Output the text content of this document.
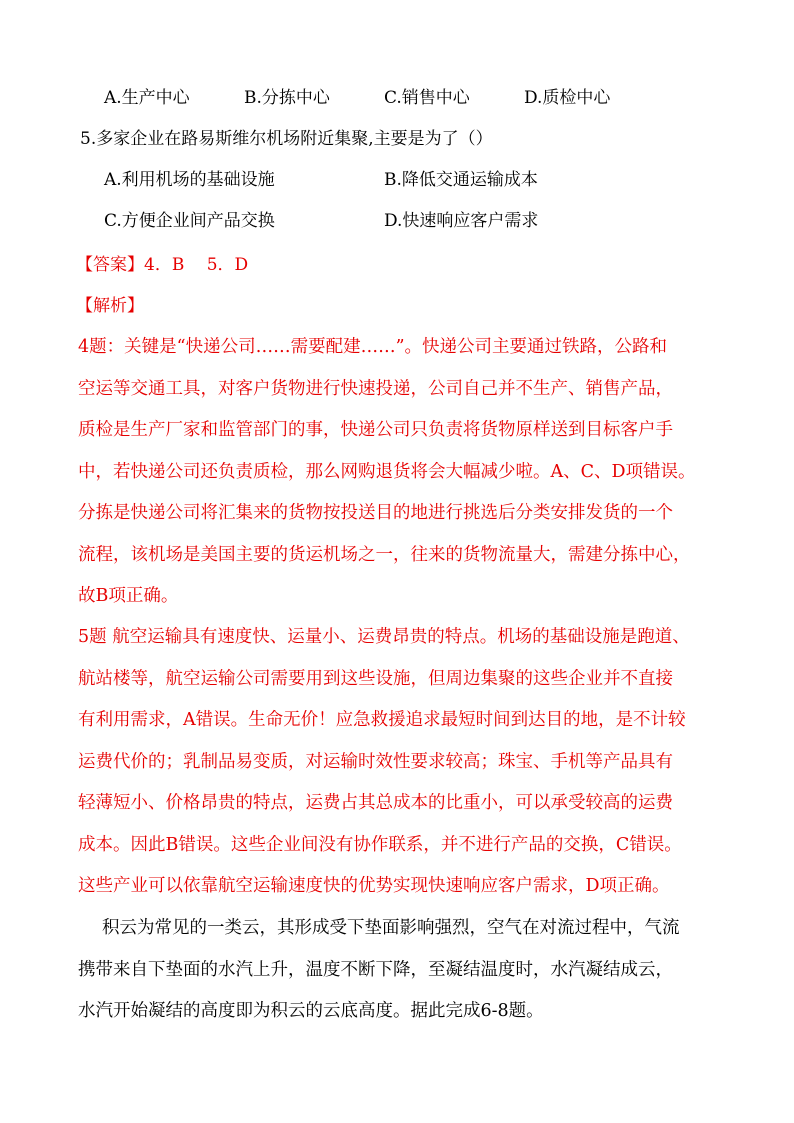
A.生产中心	B.分拣中心	C.销售中心	D.质检中心
5.多家企业在路易斯维尔机场附近集聚,主要是为了（）
A.利用机场的基础设施	B.降低交通运输成本
C.方便企业间产品交换	D.快速响应客户需求
【答案】4．B　 5．D
【解析】

4题：关键是“快递公司……需要配建……”。快递公司主要通过铁路，公路和

空运等交通工具，对客户货物进行快速投递，公司自己并不生产、销售产品，

质检是生产厂家和监管部门的事，快递公司只负责将货物原样送到目标客户手

中，若快递公司还负责质检，那么网购退货将会大幅减少啦。A、C、D项错误。

分拣是快递公司将汇集来的货物按投送目的地进行挑选后分类安排发货的一个

流程，该机场是美国主要的货运机场之一，往来的货物流量大，需建分拣中心，

故B项正确。

5题 航空运输具有速度快、运量小、运费昂贵的特点。机场的基础设施是跑道、

航站楼等，航空运输公司需要用到这些设施，但周边集聚的这些企业并不直接

有利用需求，A错误。生命无价！应急救援追求最短时间到达目的地，是不计较

运费代价的；乳制品易变质，对运输时效性要求较高；珠宝、手机等产品具有

轻薄短小、价格昂贵的特点，运费占其总成本的比重小，可以承受较高的运费

成本。因此B错误。这些企业间没有协作联系，并不进行产品的交换，C错误。

这些产业可以依靠航空运输速度快的优势实现快速响应客户需求，D项正确。

积云为常见的一类云，其形成受下垫面影响强烈，空气在对流过程中，气流

携带来自下垫面的水汽上升，温度不断下降，至凝结温度时，水汽凝结成云，

水汽开始凝结的高度即为积云的云底高度。据此完成6-8题。
